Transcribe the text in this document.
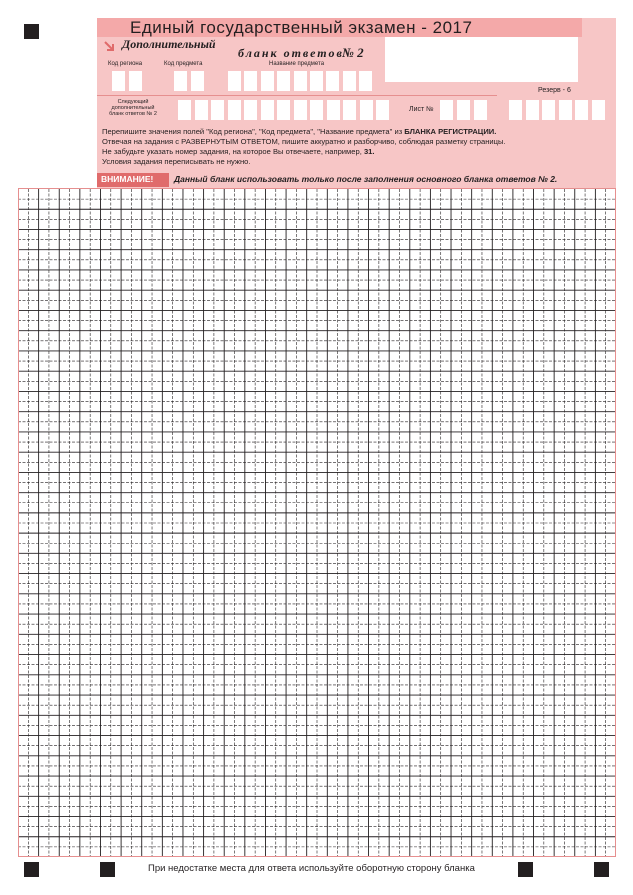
Единый государственный экзамен - 2017
Дополнительный
бланк ответов
№ 2
Код региона	Код предмета	Название предмета
Следующий дополнительный бланк ответов № 2
Лист №
Резерв - 6
Перепишите значения полей "Код региона", "Код предмета", "Название предмета" из БЛАНКА РЕГИСТРАЦИИ.
Отвечая на задания с РАЗВЕРНУТЫМ ОТВЕТОМ, пишите аккуратно и разборчиво, соблюдая разметку страницы.
Не забудьте указать номер задания, на которое Вы отвечаете, например, 31.
Условия задания переписывать не нужно.
ВНИМАНИЕ! Данный бланк использовать только после заполнения основного бланка ответов № 2.
При недостатке места для ответа используйте оборотную сторону бланка
